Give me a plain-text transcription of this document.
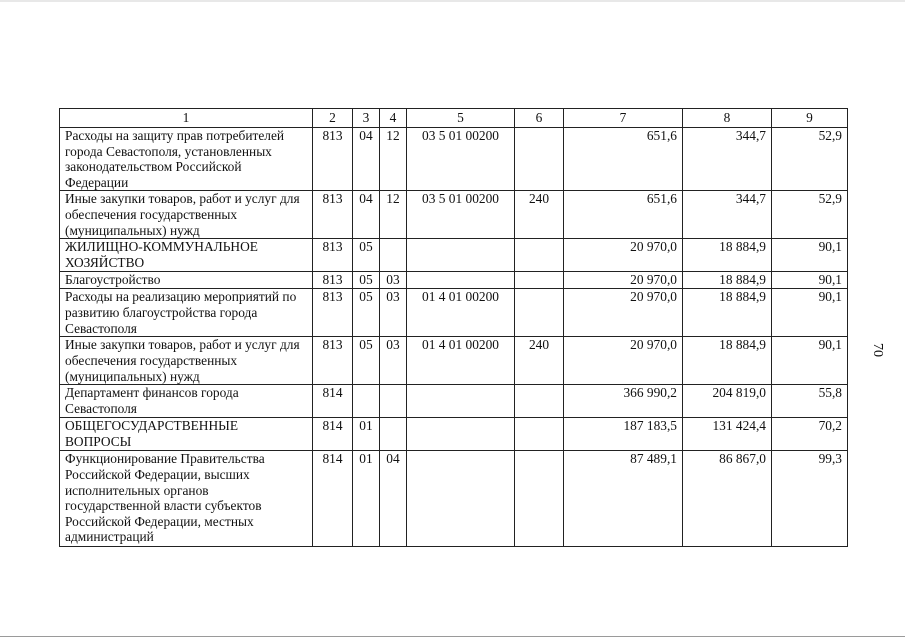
1	2	3	4	5	6	7	8	9
Расходы на защиту прав потребителей города Севастополя, установленных законодательством Российской Федерации	813	04	12	03 5 01 00200		651,6	344,7	52,9
Иные закупки товаров, работ и услуг для обеспечения государственных (муниципальных) нужд	813	04	12	03 5 01 00200	240	651,6	344,7	52,9
ЖИЛИЩНО-КОММУНАЛЬНОЕ ХОЗЯЙСТВО	813	05				20 970,0	18 884,9	90,1
Благоустройство	813	05	03			20 970,0	18 884,9	90,1
Расходы на реализацию мероприятий по развитию благоустройства города Севастополя	813	05	03	01 4 01 00200		20 970,0	18 884,9	90,1
Иные закупки товаров, работ и услуг для обеспечения государственных (муниципальных) нужд	813	05	03	01 4 01 00200	240	20 970,0	18 884,9	90,1
Департамент финансов города Севастополя	814					366 990,2	204 819,0	55,8
ОБЩЕГОСУДАРСТВЕННЫЕ ВОПРОСЫ	814	01				187 183,5	131 424,4	70,2
Функционирование Правительства Российской Федерации, высших исполнительных органов государственной власти субъектов Российской Федерации, местных администраций	814	01	04			87 489,1	86 867,0	99,3
70
